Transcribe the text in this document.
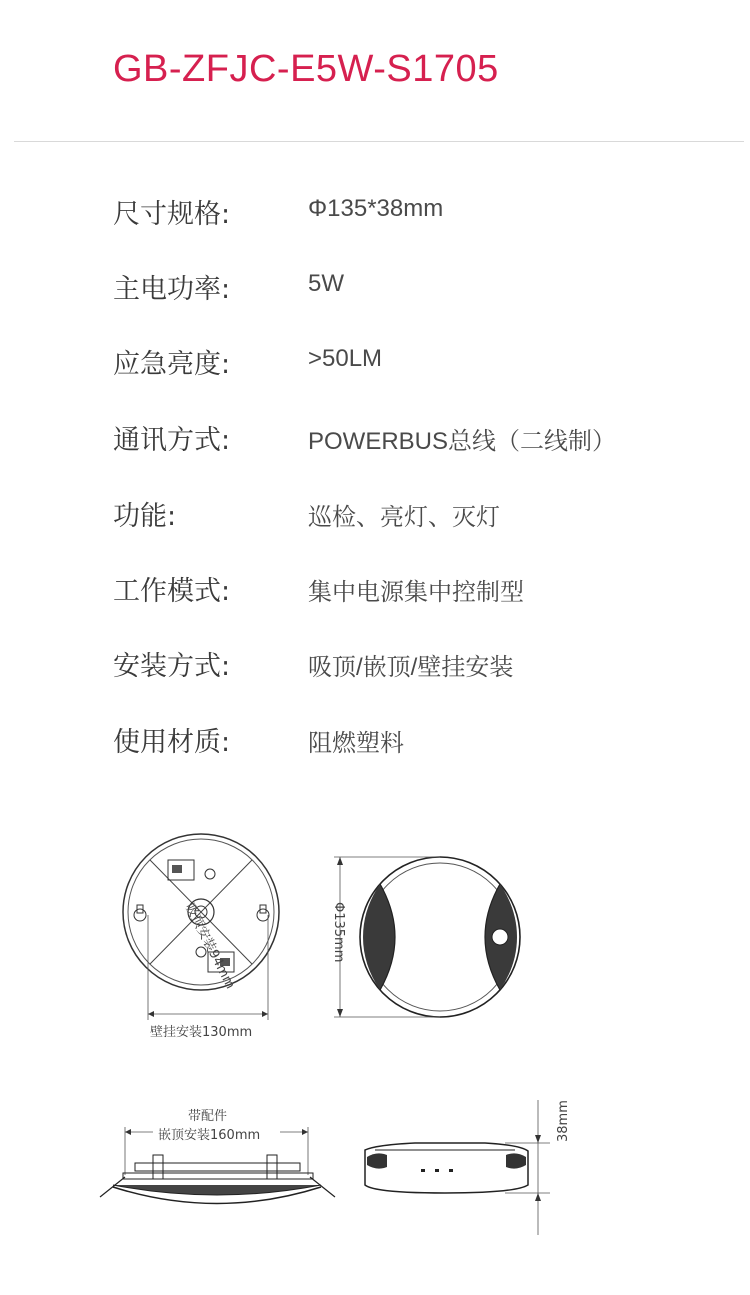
GB-ZFJC-E5W-S1705
尺寸规格:	Φ135*38mm
主电功率:	5W
应急亮度:	>50LM
通讯方式:	POWERBUS总线（二线制）
功能:	巡检、亮灯、灭灯
工作模式:	集中电源集中控制型
安装方式:	吸顶/嵌顶/壁挂安装
使用材质:	阻燃塑料
吸顶安装94mm
壁挂安装130mm
Φ135mm
带配件
嵌顶安装160mm	38mm
